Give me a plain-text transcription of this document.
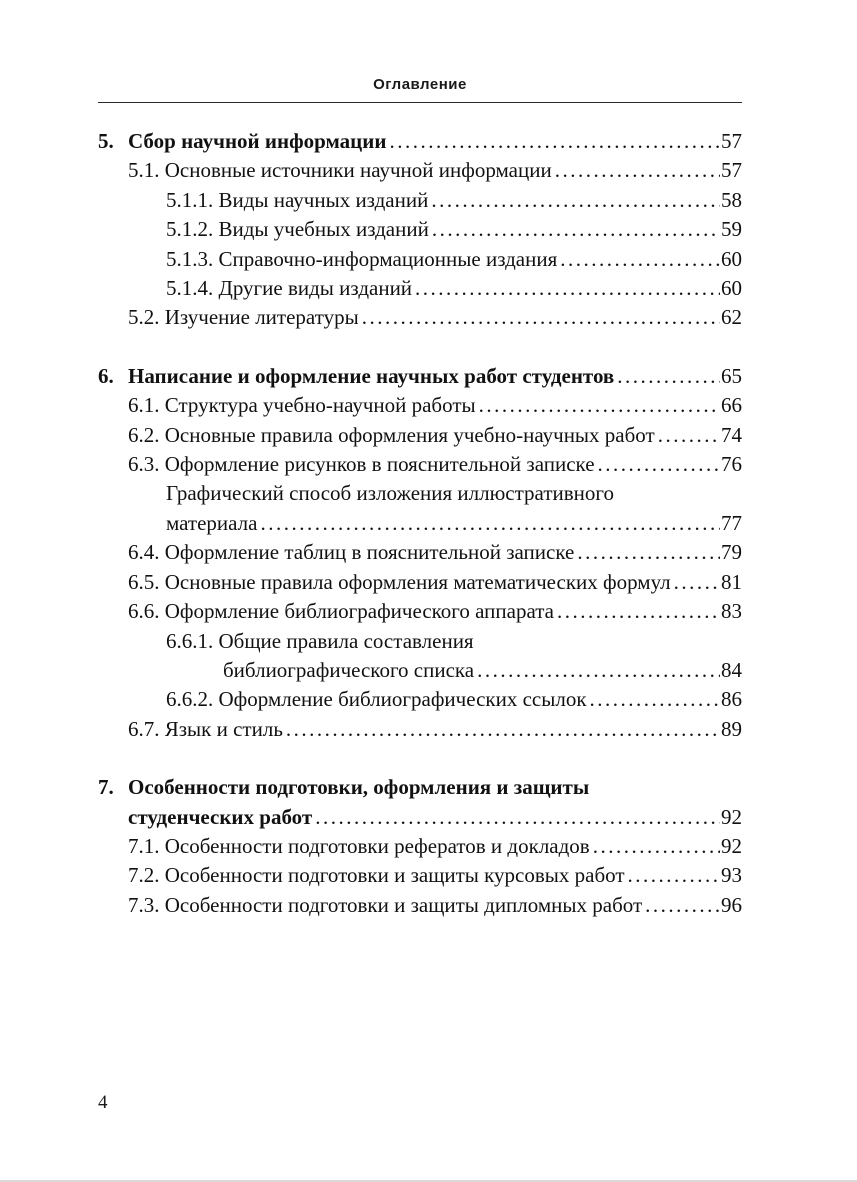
Оглавление
5. Сбор научной информации .....	57
5.1. Основные источники научной информации .....	57
5.1.1. Виды научных изданий .....	58
5.1.2. Виды учебных изданий .....	59
5.1.3. Справочно-информационные издания .....	60
5.1.4. Другие виды изданий .....	60
5.2. Изучение литературы .....	62
6. Написание и оформление научных работ студентов .....	65
6.1. Структура учебно-научной работы .....	66
6.2. Основные правила оформления учебно-научных работ .....	74
6.3. Оформление рисунков в пояснительной записке .....	76
Графический способ изложения иллюстративного
материала .....	77
6.4. Оформление таблиц в пояснительной записке .....	79
6.5. Основные правила оформления математических формул ..... 81
6.6. Оформление библиографического аппарата .....	83
6.6.1. Общие правила составления
библиографического списка .....	84
6.6.2. Оформление библиографических ссылок .....	86
6.7. Язык и стиль .....	89
7. Особенности подготовки, оформления и защиты
студенческих работ .....	92
7.1. Особенности подготовки рефератов и докладов .....	92
7.2. Особенности подготовки и защиты курсовых работ .....	93
7.3. Особенности подготовки и защиты дипломных работ .....	96
4
